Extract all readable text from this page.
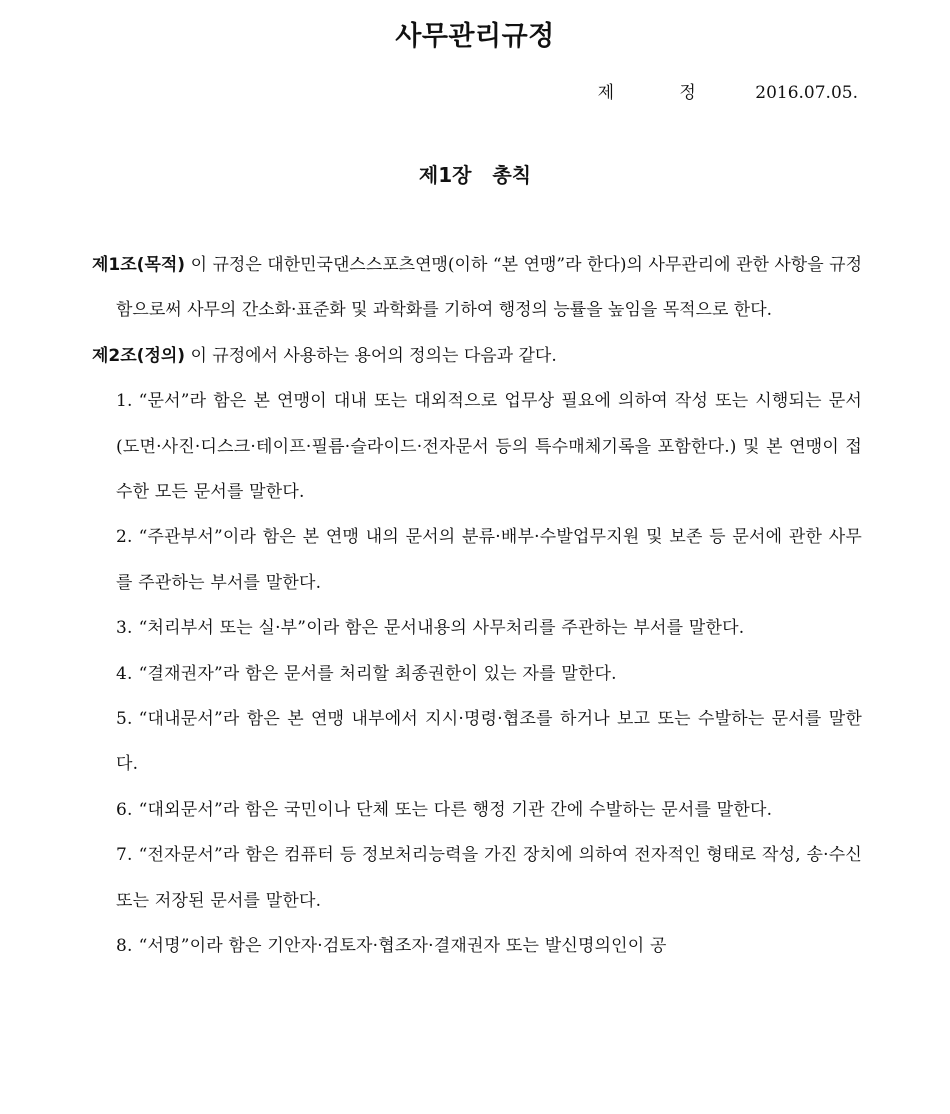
사무관리규정
제 정 2016.07.05.
제1장 총칙

제1조(목적) 이 규정은 대한민국댄스스포츠연맹(이하 “본 연맹”라 한다)의 사무관리에 관한 사항을 규정함으로써 사무의 간소화·표준화 및 과학화를 기하여 행정의 능률을 높임을 목적으로 한다.

제2조(정의) 이 규정에서 사용하는 용어의 정의는 다음과 같다.

1. “문서”라 함은 본 연맹이 대내 또는 대외적으로 업무상 필요에 의하여 작성 또는 시행되는 문서 (도면·사진·디스크·테이프·필름·슬라이드·전자문서 등의 특수매체기록을 포함한다.) 및 본 연맹이 접수한 모든 문서를 말한다.
2. “주관부서”이라 함은 본 연맹 내의 문서의 분류·배부·수발업무지원 및 보존 등 문서에 관한 사무를 주관하는 부서를 말한다.
3. “처리부서 또는 실·부”이라 함은 문서내용의 사무처리를 주관하는 부서를 말한다.
4. “결재권자”라 함은 문서를 처리할 최종권한이 있는 자를 말한다.
5. “대내문서”라 함은 본 연맹 내부에서 지시·명령·협조를 하거나 보고 또는 수발하는 문서를 말한다.
6. “대외문서”라 함은 국민이나 단체 또는 다른 행정 기관 간에 수발하는 문서를 말한다.
7. “전자문서”라 함은 컴퓨터 등 정보처리능력을 가진 장치에 의하여 전자적인 형태로 작성, 송·수신 또는 저장된 문서를 말한다.
8. “서명”이라 함은 기안자·검토자·협조자·결재권자 또는 발신명의인이 공
